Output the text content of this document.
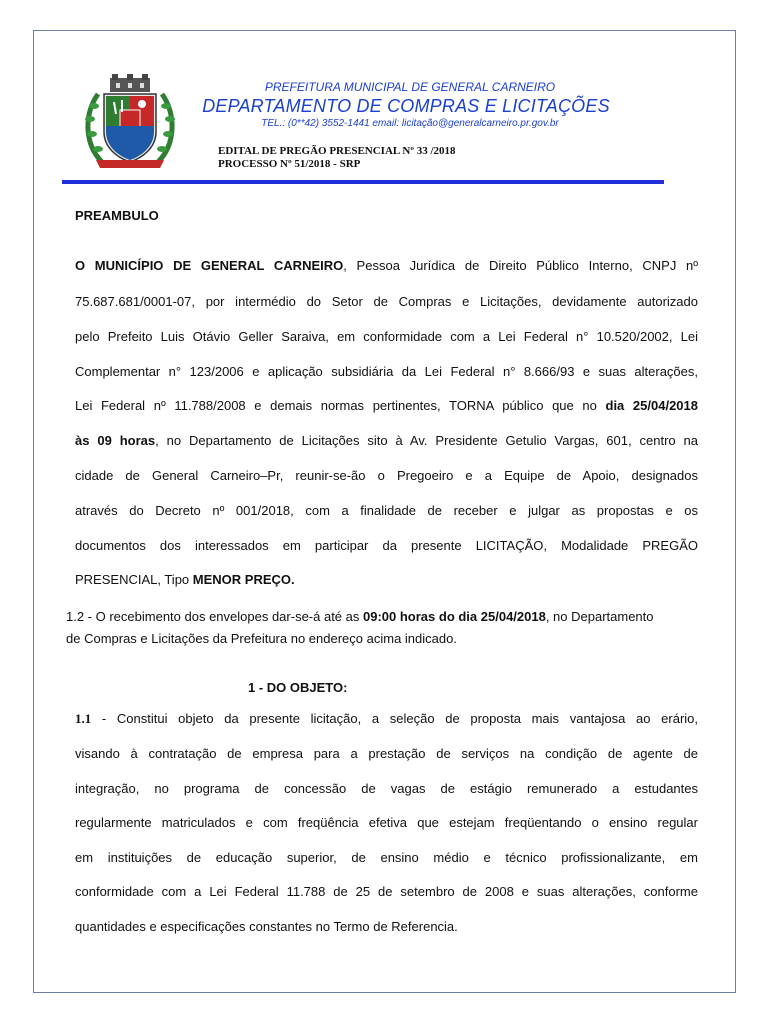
PREFEITURA MUNICIPAL DE GENERAL CARNEIRO
DEPARTAMENTO DE COMPRAS E LICITAÇÕES
TEL.: (0**42) 3552-1441 email: licitação@generalcarneiro.pr.gov.br
EDITAL DE PREGÃO PRESENCIAL Nº 33 /2018
PROCESSO Nº 51/2018 - SRP
PREAMBULO
O MUNICÍPIO DE GENERAL CARNEIRO, Pessoa Jurídica de Direito Público Interno, CNPJ nº
75.687.681/0001-07, por intermédio do Setor de Compras e Licitações, devidamente autorizado
pelo Prefeito Luis Otávio Geller Saraiva, em conformidade com a Lei Federal n° 10.520/2002, Lei
Complementar n° 123/2006 e aplicação subsidiária da Lei Federal n° 8.666/93 e suas alterações,
Lei Federal nº 11.788/2008 e demais normas pertinentes, TORNA público que no dia 25/04/2018
às 09 horas, no Departamento de Licitações sito à Av. Presidente Getulio Vargas, 601, centro na
cidade de General Carneiro–Pr, reunir-se-ão o Pregoeiro e a Equipe de Apoio, designados
através do Decreto nº 001/2018, com a finalidade de receber e julgar as propostas e os
documentos dos interessados em participar da presente LICITAÇÃO, Modalidade PREGÃO
PRESENCIAL, Tipo MENOR PREÇO.
1.2 - O recebimento dos envelopes dar-se-á até as 09:00 horas do dia 25/04/2018, no Departamento
de Compras e Licitações da Prefeitura no endereço acima indicado.
1 - DO OBJETO:
1.1 - Constitui objeto da presente licitação, a seleção de proposta mais vantajosa ao erário,
visando à contratação de empresa para a prestação de serviços na condição de agente de
integração, no programa de concessão de vagas de estágio remunerado a estudantes
regularmente matriculados e com freqüência efetiva que estejam freqüentando o ensino regular
em instituições de educação superior, de ensino médio e técnico profissionalizante, em
conformidade com a Lei Federal 11.788 de 25 de setembro de 2008 e suas alterações, conforme
quantidades e especificações constantes no Termo de Referencia.
